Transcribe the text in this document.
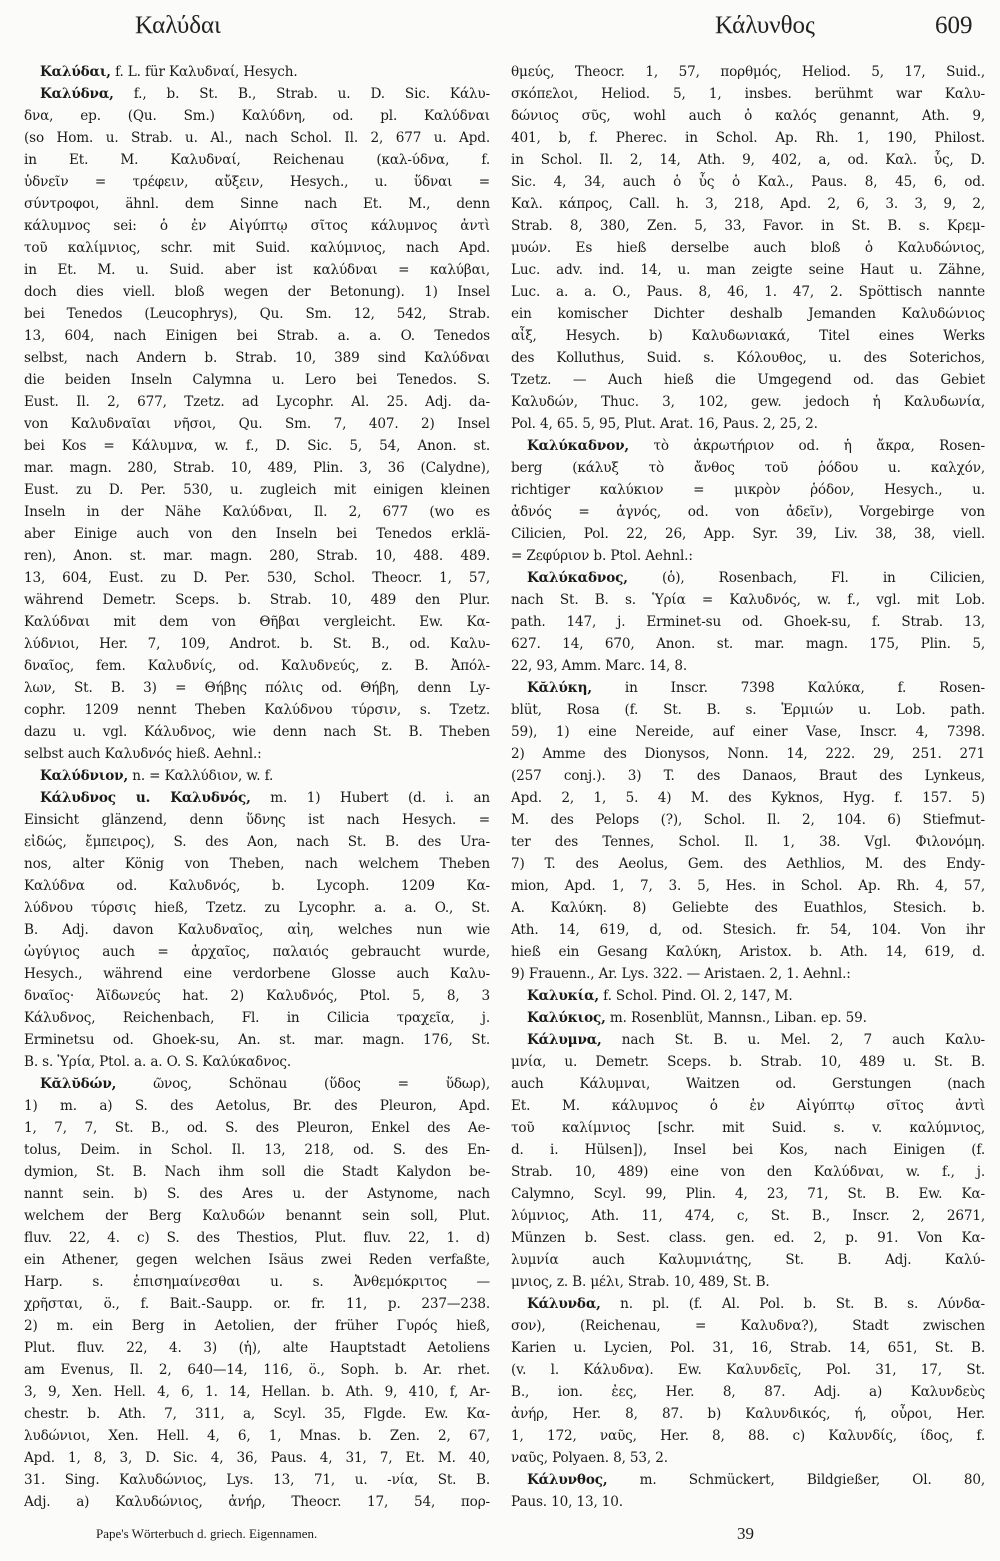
Καλύδαι	Κάλυνθος	609
Καλύδαι, f. L. für Καλυδναί, Hesych.
Καλύδνα, f., b. St. B., Strab. u. D. Sic. Κάλυ-
δνα, ep. (Qu. Sm.) Καλύδνη, od. pl. Καλύδναι
(so Hom. u. Strab. u. Al., nach Schol. Il. 2, 677 u. Apd.
in Et. M. Καλυδναί, Reichenau (καλ-ύδνα, f.
ὑδνεῖν = τρέφειν, αὔξειν, Hesych., u. ὕδναι =
σύντροφοι, ähnl. dem Sinne nach Et. M., denn
κάλυμνος sei: ὁ ἐν Αἰγύπτῳ σῖτος κάλυμνος ἀντὶ
τοῦ καλίμνιος, schr. mit Suid. καλύμνιος, nach Apd.
in Et. M. u. Suid. aber ist καλύδναι = καλύβαι,
doch dies viell. bloß wegen der Betonung). 1) Insel
bei Tenedos (Leucophrys), Qu. Sm. 12, 542, Strab.
13, 604, nach Einigen bei Strab. a. a. O. Tenedos
selbst, nach Andern b. Strab. 10, 389 sind Καλύδναι
die beiden Inseln Calymna u. Lero bei Tenedos. S.
Eust. Il. 2, 677, Tzetz. ad Lycophr. Al. 25. Adj. da-
von Καλυδναῖαι νῆσοι, Qu. Sm. 7, 407. 2) Insel
bei Kos = Κάλυμνα, w. f., D. Sic. 5, 54, Anon. st.
mar. magn. 280, Strab. 10, 489, Plin. 3, 36 (Calydne),
Eust. zu D. Per. 530, u. zugleich mit einigen kleinen
Inseln in der Nähe Καλύδναι, Il. 2, 677 (wo es
aber Einige auch von den Inseln bei Tenedos erklä-
ren), Anon. st. mar. magn. 280, Strab. 10, 488. 489.
13, 604, Eust. zu D. Per. 530, Schol. Theocr. 1, 57,
während Demetr. Sceps. b. Strab. 10, 489 den Plur.
Καλύδναι mit dem von Θῆβαι vergleicht. Ew. Κα-
λύδνιοι, Her. 7, 109, Androt. b. St. B., od. Καλυ-
δναῖος, fem. Καλυδνίς, od. Καλυδνεύς, z. B. Ἀπόλ-
λων, St. B. 3) = Θήβης πόλις od. Θήβη, denn Ly-
cophr. 1209 nennt Theben Καλύδνου τύρσιν, s. Tzetz.
dazu u. vgl. Κάλυδνος, wie denn nach St. B. Theben
selbst auch Καλυδνός hieß. Aehnl.:
Καλύδνιον, n. = Καλλύδιον, w. f.
Κάλυδνος u. Καλυδνός, m. 1) Hubert (d. i. an
Einsicht glänzend, denn ὕδνης ist nach Hesych. =
εἰδώς, ἔμπειρος), S. des Aon, nach St. B. des Ura-
nos, alter König von Theben, nach welchem Theben
Καλύδνα od. Καλυδνός, b. Lycoph. 1209 Κα-
λύδνου τύρσις hieß, Tzetz. zu Lycophr. a. a. O., St.
B. Adj. davon Καλυδναῖος, αἰη, welches nun wie
ὠγύγιος auch = ἀρχαῖος, παλαιός gebraucht wurde,
Hesych., während eine verdorbene Glosse auch Καλυ-
δναῖος· Ἀϊδωνεύς hat. 2) Καλυδνός, Ptol. 5, 8, 3
Κάλυδνος, Reichenbach, Fl. in Cilicia τραχεῖα, j.
Erminetsu od. Ghoek-su, An. st. mar. magn. 176, St.
B. s. Ὑρία, Ptol. a. a. O. S. Καλύκαδνος.
Κᾰλῠδών,	ῶνος, Schönau (ὕδος = ὕδωρ),
1) m. a) S. des Aetolus, Br. des Pleuron, Apd.
1, 7, 7, St. B., od. S. des Pleuron, Enkel des Ae-
tolus, Deim. in Schol. Il. 13, 218, od. S. des En-
dymion, St. B. Nach ihm soll die Stadt Kalydon be-
nannt sein. b) S. des Ares u. der Astynome, nach
welchem der Berg Καλυδών benannt sein soll, Plut.
fluv. 22, 4. c) S. des Thestios, Plut. fluv. 22, 1. d)
ein Athener, gegen welchen Isäus zwei Reden verfaßte,
Harp. s. ἐπισημαίνεσθαι u. s. Ἀνθεμόκριτος —
χρῆσται, ö., f. Bait.-Saupp. or. fr. 11, p. 237—238.
2) m. ein Berg in Aetolien, der früher Γυρός hieß,
Plut. fluv. 22, 4. 3) (ἡ), alte Hauptstadt Aetoliens
am Evenus, Il. 2, 640—14, 116, ö., Soph. b. Ar. rhet.
3, 9, Xen. Hell. 4, 6, 1. 14, Hellan. b. Ath. 9, 410, f, Ar-
chestr. b. Ath. 7, 311, a, Scyl. 35, Flgde. Ew. Κα-
λυδώνιοι, Xen. Hell. 4, 6, 1, Mnas. b. Zen. 2, 67,
Apd. 1, 8, 3, D. Sic. 4, 36, Paus. 4, 31, 7, Et. M. 40,
31. Sing. Καλυδώνιος, Lys. 13, 71, u. -νία, St. B.
Adj. a) Καλυδώνιος, ἀνήρ, Theocr. 17, 54, πορ-
θμεύς, Theocr. 1, 57, πορθμός, Heliod. 5, 17, Suid.,
σκόπελοι, Heliod. 5, 1, insbes. berühmt war Καλυ-
δώνιος σῦς, wohl auch ὁ καλός genannt, Ath. 9,
401, b, f. Pherec. in Schol. Ap. Rh. 1, 190, Philost.
in Schol. Il. 2, 14, Ath. 9, 402, a, od. Καλ. ὗς, D.
Sic. 4, 34, auch ὁ ὗς ὁ Καλ., Paus. 8, 45, 6, od.
Καλ. κάπρος, Call. h. 3, 218, Apd. 2, 6, 3. 3, 9, 2,
Strab. 8, 380, Zen. 5, 33, Favor. in St. B. s. Κρεμ-
μυών. Es hieß derselbe auch bloß ὁ Καλυδώνιος,
Luc. adv. ind. 14, u. man zeigte seine Haut u. Zähne,
Luc. a. a. O., Paus. 8, 46, 1. 47, 2. Spöttisch nannte
ein komischer Dichter deshalb Jemanden Καλυδώνιος
αἶξ, Hesych. b) Καλυδωνιακά, Titel eines Werks
des Kolluthus, Suid. s. Κόλουθος, u. des Soterichos,
Tzetz. — Auch hieß die Umgegend od. das Gebiet
Καλυδών, Thuc. 3, 102, gew. jedoch ἡ Καλυδωνία,
Pol. 4, 65. 5, 95, Plut. Arat. 16, Paus. 2, 25, 2.
Καλύκαδνον, τὸ ἀκρωτήριον od. ἡ ἄκρα, Rosen-
berg (κάλυξ τὸ ἄνθος τοῦ ῥόδου u. καλχόν,
richtiger καλύκιον = μικρὸν ῥόδον, Hesych., u.
ἀδνός = ἁγνός, od. von ἀδεῖν), Vorgebirge von
Cilicien, Pol. 22, 26, App. Syr. 39, Liv. 38, 38, viell.
= Ζεφύριον b. Ptol. Aehnl.:
Καλύκαδνος,	(ὁ), Rosenbach, Fl. in Cilicien,
nach St. B. s. Ὑρία = Καλυδνός, w. f., vgl. mit Lob.
path. 147, j. Erminet-su od. Ghoek-su, f. Strab. 13,
627. 14, 670, Anon. st. mar. magn. 175, Plin. 5,
22, 93, Amm. Marc. 14, 8.
Κᾰλύκη, in Inscr. 7398 Καλύκα, f. Rosen-
blüt, Rosa (f. St. B. s. Ἑρμιών u. Lob. path.
59), 1) eine Nereide, auf einer Vase, Inscr. 4, 7398.
2) Amme des Dionysos, Nonn. 14, 222. 29, 251. 271
(257 conj.). 3) T. des Danaos, Braut des Lynkeus,
Apd. 2, 1, 5. 4) M. des Kyknos, Hyg. f. 157. 5)
M. des Pelops (?), Schol. Il. 2, 104. 6) Stiefmut-
ter des Tennes, Schol. Il. 1, 38. Vgl. Φιλονόμη.
7) T. des Aeolus, Gem. des Aethlios, M. des Endy-
mion, Apd. 1, 7, 3. 5, Hes. in Schol. Ap. Rh. 4, 57,
A. Καλύκη. 8) Geliebte des Euathlos, Stesich. b.
Ath. 14, 619, d, od. Stesich. fr. 54, 104. Von ihr
hieß ein Gesang Καλύκη, Aristox. b. Ath. 14, 619, d.
9) Frauenn., Ar. Lys. 322. — Aristaen. 2, 1. Aehnl.:
Καλυκία, f. Schol. Pind. Ol. 2, 147, M.
Καλύκιος, m. Rosenblüt, Mannsn., Liban. ep. 59.
Κάλυμνα, nach St. B. u. Mel. 2, 7 auch Καλυ-
μνία, u. Demetr. Sceps. b. Strab. 10, 489 u. St. B.
auch Κάλυμναι, Waitzen od. Gerstungen (nach
Et. M. κάλυμνος ὁ ἐν Αἰγύπτῳ σῖτος ἀντὶ
τοῦ καλίμνιος [schr. mit Suid. s. v. καλύμνιος,
d. i. Hülsen]), Insel bei Kos, nach Einigen (f.
Strab. 10, 489) eine von den Καλύδναι, w. f., j.
Calymno, Scyl. 99, Plin. 4, 23, 71, St. B. Ew. Κα-
λύμνιος, Ath. 11, 474, c, St. B., Inscr. 2, 2671,
Münzen b. Sest. class. gen. ed. 2, p. 91. Von Κα-
λυμνία auch Καλυμνιάτης, St. B. Adj. Καλύ-
μνιος, z. B. μέλι, Strab. 10, 489, St. B.
Κάλυνδα, n. pl. (f. Al. Pol. b. St. B. s. Λύνδα-
σον), (Reichenau, = Καλυδνα?), Stadt zwischen
Karien u. Lycien, Pol. 31, 16, Strab. 14, 651, St. B.
(v. l. Κάλυδνα). Ew. Καλυνδεῖς, Pol. 31, 17, St.
B., ion. ἐες, Her. 8, 87. Adj. a) Καλυνδεὺς
ἀνήρ, Her. 8, 87. b) Καλυνδικός, ή, οὖροι, Her.
1, 172, ναῦς, Her. 8, 88. c) Καλυνδίς, ίδος, f.
ναῦς, Polyaen. 8, 53, 2.
Κάλυνθος, m. Schmückert, Bildgießer, Ol. 80,
Paus. 10, 13, 10.
Pape's Wörterbuch d. griech. Eigennamen.	39
